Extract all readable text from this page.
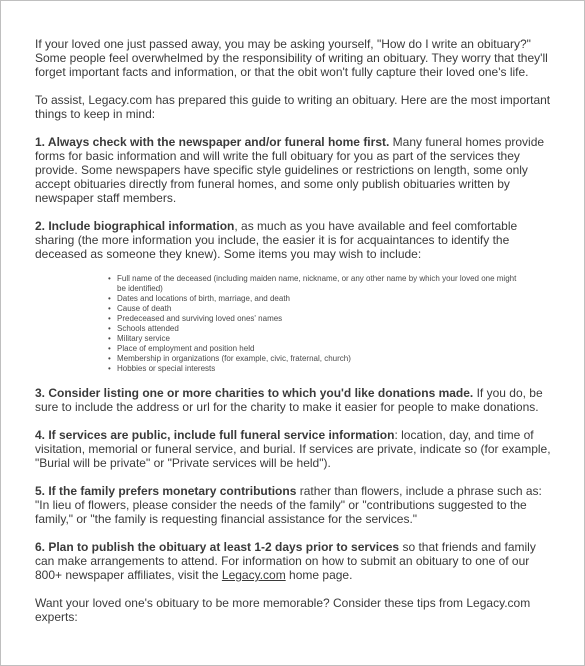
If your loved one just passed away, you may be asking yourself, "How do I write an obituary?" Some people feel overwhelmed by the responsibility of writing an obituary. They worry that they'll forget important facts and information, or that the obit won't fully capture their loved one's life.

To assist, Legacy.com has prepared this guide to writing an obituary. Here are the most important things to keep in mind:

1. Always check with the newspaper and/or funeral home first. Many funeral homes provide forms for basic information and will write the full obituary for you as part of the services they provide. Some newspapers have specific style guidelines or restrictions on length, some only accept obituaries directly from funeral homes, and some only publish obituaries written by newspaper staff members.

2. Include biographical information, as much as you have available and feel comfortable sharing (the more information you include, the easier it is for acquaintances to identify the deceased as someone they knew). Some items you may wish to include:

• Full name of the deceased (including maiden name, nickname, or any other name by which your loved one might be identified)
• Dates and locations of birth, marriage, and death
• Cause of death
• Predeceased and surviving loved ones' names
• Schools attended
• Military service
• Place of employment and position held
• Membership in organizations (for example, civic, fraternal, church)
• Hobbies or special interests

3. Consider listing one or more charities to which you'd like donations made. If you do, be sure to include the address or url for the charity to make it easier for people to make donations.

4. If services are public, include full funeral service information: location, day, and time of visitation, memorial or funeral service, and burial. If services are private, indicate so (for example, "Burial will be private" or "Private services will be held").

5. If the family prefers monetary contributions rather than flowers, include a phrase such as: "In lieu of flowers, please consider the needs of the family" or "contributions suggested to the family," or "the family is requesting financial assistance for the services."

6. Plan to publish the obituary at least 1-2 days prior to services so that friends and family can make arrangements to attend. For information on how to submit an obituary to one of our 800+ newspaper affiliates, visit the Legacy.com home page.

Want your loved one's obituary to be more memorable? Consider these tips from Legacy.com experts:
